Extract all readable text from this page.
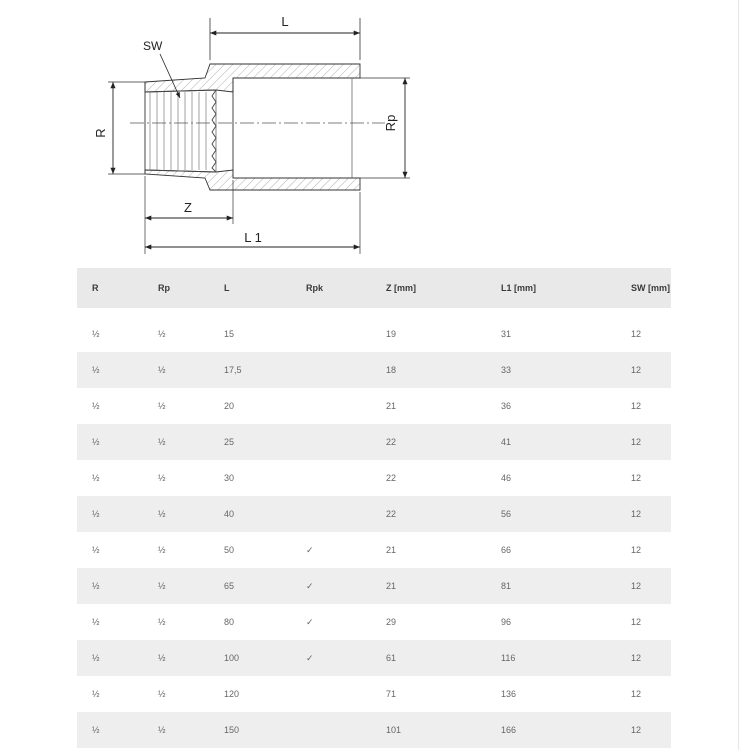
L
SW
R
Rp
Z
L 1
R	Rp	L	Rpk	Z [mm]	L1 [mm]	SW [mm]

½	½	15		19	31	12
½	½	17,5		18	33	12
½	½	20		21	36	12
½	½	25		22	41	12
½	½	30		22	46	12
½	½	40		22	56	12
½	½	50	✓	21	66	12
½	½	65	✓	21	81	12
½	½	80	✓	29	96	12
½	½	100	✓	61	116	12
½	½	120		71	136	12
½	½	150		101	166	12
